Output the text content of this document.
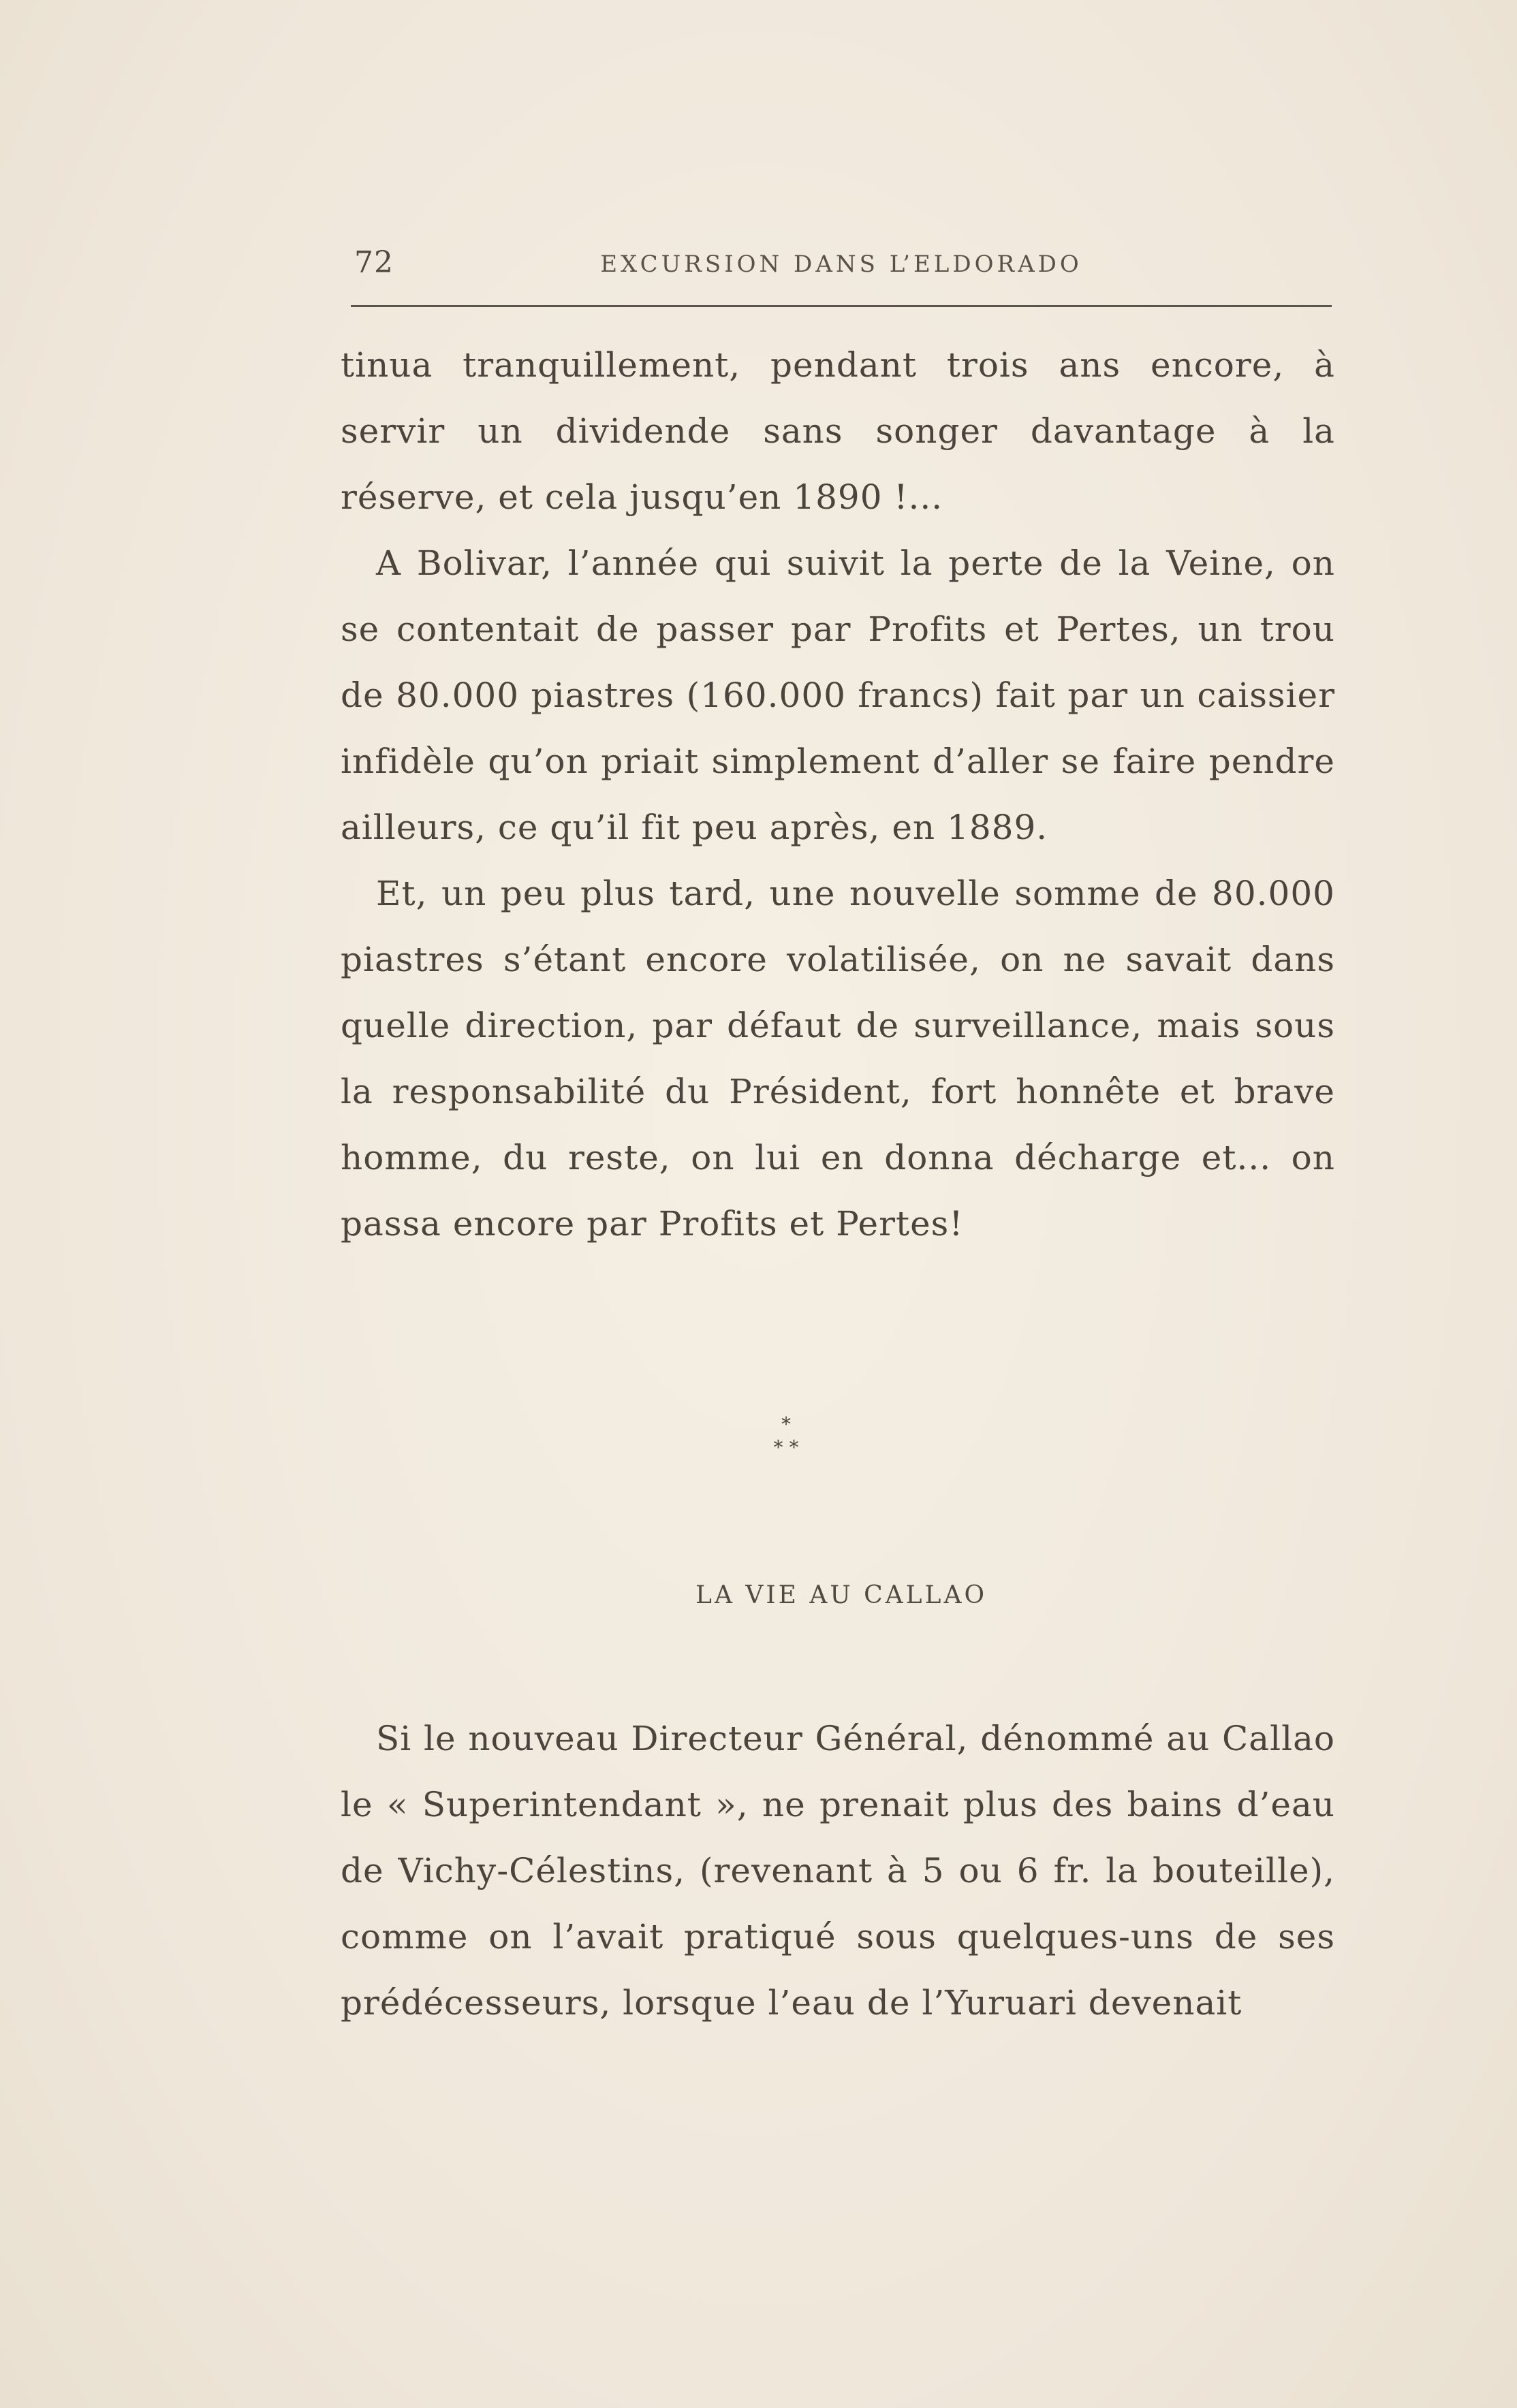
72	EXCURSION DANS L’ELDORADO

tinua tranquillement, pendant trois ans encore, à servir un dividende sans songer davantage à la réserve, et cela jusqu’en 1890 !...

A Bolivar, l’année qui suivit la perte de la Veine, on se contentait de passer par Profits et Pertes, un trou de 80.000 piastres (160.000 francs) fait par un caissier infidèle qu’on priait simplement d’aller se faire pendre ailleurs, ce qu’il fit peu après, en 1889.

Et, un peu plus tard, une nouvelle somme de 80.000 piastres s’étant encore volatilisée, on ne savait dans quelle direction, par défaut de surveillance, mais sous la responsabilité du Président, fort honnête et brave homme, du reste, on lui en donna décharge et... on passa encore par Profits et Pertes!

*
* *
LA VIE AU CALLAO

Si le nouveau Directeur Général, dénommé au Callao le « Superintendant », ne prenait plus des bains d’eau de Vichy-Célestins, (revenant à 5 ou 6 fr. la bouteille), comme on l’avait pratiqué sous quelques-uns de ses prédécesseurs, lorsque l’eau de l’Yuruari devenait
